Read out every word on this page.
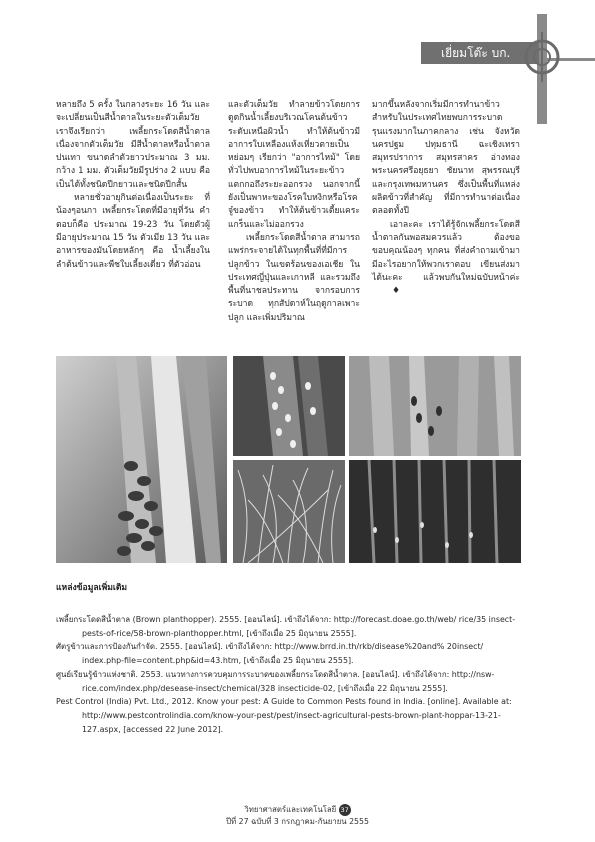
เยี่ยมโต๊ะ บก.

หลายถึง 5 ครั้ง ในกลางระยะ 16 วัน และจะเปลี่ยนเป็นสีน้ำตาลในระยะตัวเต็มวัย เราจึงเรียกว่า เพลี้ยกระโดดสีน้ำตาล เนื่องจากตัวเต็มวัย มีสีน้ำตาลหรือน้ำตาลปนเทา ขนาดลำตัวยาวประมาณ 3 มม. กว้าง 1 มม. ตัวเต็มวัยมีรูปร่าง 2 แบบ คือ เป็นได้ทั้งชนิดปีกยาวและชนิดปีกสั้น

หลายชั่วอายุกินต่อเนื่องเป็นระยะ ที่น้องๆอนกา เพลี้ยกระโดดที่มีอายุที่วัน คำตอบก็คือ ประมาณ 19-23 วัน โดยตัวผู้มีอายุประมาณ 15 วัน ตัวเมีย 13 วัน และอาหารของมันโดยหลักๆ คือ น้ำเลี้ยงในลำต้นข้าวและพืชใบเลี้ยงเดี่ยว ที่ตัวอ่อน

และตัวเต็มวัย ทำลายข้าวโดยการดูดกินน้ำเลี้ยงบริเวณโคนต้นข้าวระดับเหนือผิวน้ำ ทำให้ต้นข้าวมีอาการใบเหลืองแห้งเหี่ยวตายเป็นหย่อมๆ เรียกว่า "อาการไหม้" โดยทั่วไปพบอาการไหม้ในระยะข้าวแตกกอถึงระยะออกรวง นอกจากนี้ยังเป็นพาหะของโรคใบหงิกหรือโรคจู๋ของข้าว ทำให้ต้นข้าวเตี้ยแคระแกร็นและไม่ออกรวง

เพลี้ยกระโดดสีน้ำตาล สามารถแพร่กระจายได้ในทุกพื้นที่ที่มีการปลูกข้าว ในเขตร้อนของเอเชีย ในประเทศญี่ปุ่นและเกาหลี และรวมถึงพื้นที่นาชลประทาน จากรอบการระบาด ทุกสัปดาห์ในฤดูกาลเพาะปลูก และเพิ่มปริมาณ

มากขึ้นหลังจากเริ่มมีการทำนาข้าว สำหรับในประเทศไทยพบการระบาดรุนแรงมากในภาคกลาง เช่น จังหวัดนครปฐม ปทุมธานี ฉะเชิงเทรา สมุทรปราการ สมุทรสาคร อ่างทอง พระนครศรีอยุธยา ชัยนาท สุพรรณบุรี และกรุงเทพมหานคร ซึ่งเป็นพื้นที่แหล่งผลิตข้าวที่สำคัญ ที่มีการทำนาต่อเนื่องตลอดทั้งปี

เอาละคะ เราได้รู้จักเพลี้ยกระโดดสีน้ำตาลกันพอสมควรแล้ว ต้องขอขอบคุณน้องๆ ทุกคน ที่ส่งคำถามเข้ามา มีอะไรอยากให้พวกเราตอบ เขียนส่งมาได้นะคะ แล้วพบกันใหม่ฉบับหน้าค่ะ♦

แหล่งข้อมูลเพิ่มเติม

เพลี้ยกระโดดสีน้ำตาล (Brown planthopper). 2555. [ออนไลน์]. เข้าถึงได้จาก: http://forecast.doae.go.th/web/ rice/35 insect-pests-of-rice/58-brown-planthopper.html, [เข้าถึงเมื่อ 25 มิถุนายน 2555].

ศัตรูข้าวและการป้องกันกำจัด. 2555. [ออนไลน์]. เข้าถึงได้จาก: http://www.brrd.in.th/rkb/disease%20and% 20insect/ index.php-file=content.php&id=43.htm, [เข้าถึงเมื่อ 25 มิถุนายน 2555].

ศูนย์เรียนรู้ข้าวแห่งชาติ. 2553. แนวทางการควบคุมการระบาดของเพลี้ยกระโดดสีน้ำตาล. [ออนไลน์]. เข้าถึงได้จาก: http://nsw-rice.com/index.php/desease-insect/chemical/328 insecticide-02, [เข้าถึงเมื่อ 22 มิถุนายน 2555].

Pest Control (India) Pvt. Ltd., 2012. Know your pest: A Guide to Common Pests found in India. [online]. Available at: http://www.pestcontrolindia.com/know-your-pest/pest/insect-agricultural-pests-brown-plant-hoppar-13-21-127.aspx, [accessed 22 June 2012].

วิทยาศาสตร์และเทคโนโลยี 37
ปีที่ 27 ฉบับที่ 3 กรกฎาคม-กันยายน 2555
